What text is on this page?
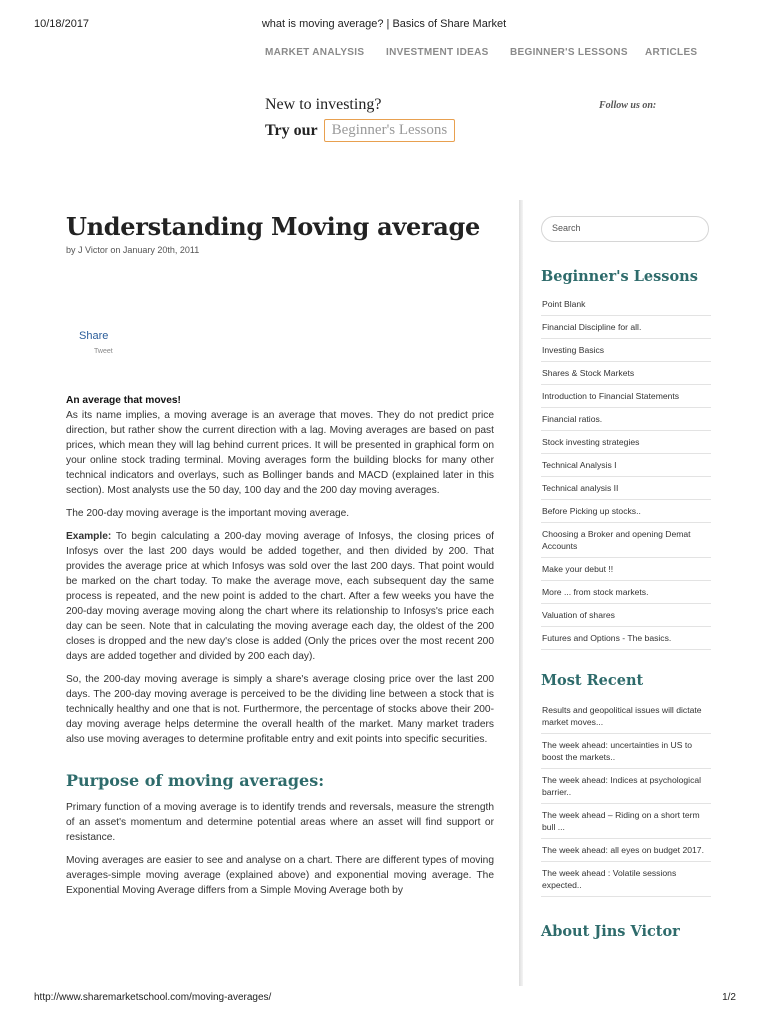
10/18/2017	what is moving average? | Basics of Share Market
MARKET ANALYSIS INVESTMENT IDEAS BEGINNER'S LESSONS ARTICLES
New to investing?
Try our Beginner's Lessons
Follow us on:
Understanding Moving average
by J Victor on January 20th, 2011
Share
Tweet

An average that moves!
As its name implies, a moving average is an average that moves. They do not predict price direction, but rather show the current direction with a lag. Moving averages are based on past prices, which mean they will lag behind current prices. It will be presented in graphical form on your online stock trading terminal. Moving averages form the building blocks for many other technical indicators and overlays, such as Bollinger bands and MACD (explained later in this section). Most analysts use the 50 day, 100 day and the 200 day moving averages.

The 200-day moving average is the important moving average.

Example: To begin calculating a 200-day moving average of Infosys, the closing prices of Infosys over the last 200 days would be added together, and then divided by 200. That provides the average price at which Infosys was sold over the last 200 days. That point would be marked on the chart today. To make the average move, each subsequent day the same process is repeated, and the new point is added to the chart. After a few weeks you have the 200-day moving average moving along the chart where its relationship to Infosys's price each day can be seen. Note that in calculating the moving average each day, the oldest of the 200 closes is dropped and the new day's close is added (Only the prices over the most recent 200 days are added together and divided by 200 each day).

So, the 200-day moving average is simply a share's average closing price over the last 200 days. The 200-day moving average is perceived to be the dividing line between a stock that is technically healthy and one that is not. Furthermore, the percentage of stocks above their 200-day moving average helps determine the overall health of the market. Many market traders also use moving averages to determine profitable entry and exit points into specific securities.

Purpose of moving averages:

Primary function of a moving average is to identify trends and reversals, measure the strength of an asset's momentum and determine potential areas where an asset will find support or resistance.

Moving averages are easier to see and analyse on a chart. There are different types of moving averages-simple moving average (explained above) and exponential moving average. The Exponential Moving Average differs from a Simple Moving Average both by

Search
Beginner's Lessons
Point Blank
Financial Discipline for all.
Investing Basics
Shares & Stock Markets
Introduction to Financial Statements
Financial ratios.
Stock investing strategies
Technical Analysis I
Technical analysis II
Before Picking up stocks..
Choosing a Broker and opening Demat Accounts
Make your debut !!
More ... from stock markets.
Valuation of shares
Futures and Options - The basics.
Most Recent
Results and geopolitical issues will dictate market moves...
The week ahead: uncertainties in US to boost the markets..
The week ahead: Indices at psychological barrier..
The week ahead – Riding on a short term bull ...
The week ahead: all eyes on budget 2017.
The week ahead : Volatile sessions expected..
About Jins Victor
http://www.sharemarketschool.com/moving-averages/	1/2
